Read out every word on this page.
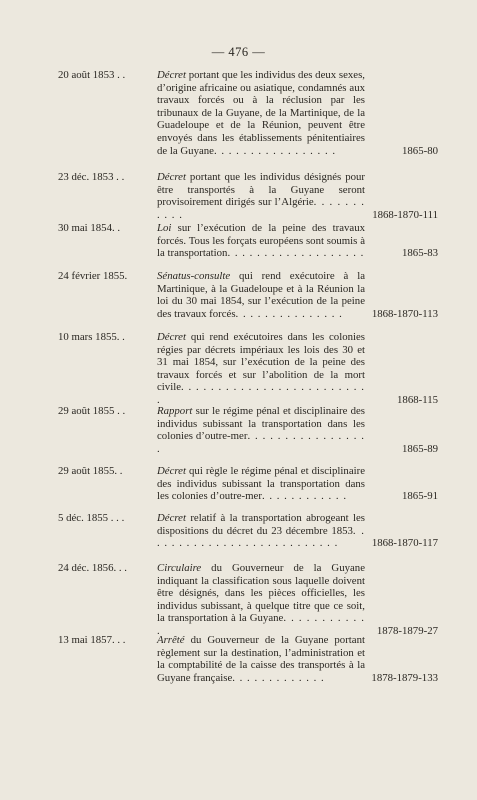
— 476 —
20 août 1853 . .	Décret portant que les individus des deux sexes, d’origine africaine ou asiatique, condamnés aux travaux forcés ou à la réclusion par les tribunaux de la Guyane, de la Martinique, de la Guadeloupe et de la Réunion, peuvent être envoyés dans les établissements pénitentiaires de la Guyane. . . . . . . . . . . . . . . . .	1865-80
23 déc. 1853 . .	Décret portant que les individus désignés pour être transportés à la Guyane seront provisoirement dirigés sur l’Algérie. . . . . . . . . . .	1868-1870-111
30 mai 1854. .	Loi sur l’exécution de la peine des travaux forcés. Tous les forçats européens sont soumis à la transportation. . . . . . . . . . . . . . . . . . .	1865-83
24 février 1855.	Sénatus-consulte qui rend exécutoire à la Martinique, à la Guadeloupe et à la Réunion la loi du 30 mai 1854, sur l’exécution de la peine des travaux forcés. . . . . . . . . . . . . . .	1868-1870-113
10 mars 1855. .	Décret qui rend exécutoires dans les colonies régies par décrets impériaux les lois des 30 et 31 mai 1854, sur l’exécution de la peine des travaux forcés et sur l’abolition de la mort civile. . . . . . . . . . . . . . . . . . . . . . . . . .	1868-115
29 août 1855 . .	Rapport sur le régime pénal et disciplinaire des individus subissant la transportation dans les colonies d’outre-mer. . . . . . . . . . . . . . . . .	1865-89
29 août 1855. .	Décret qui règle le régime pénal et disciplinaire des individus subissant la transportation dans les colonies d’outre-mer. . . . . . . . . . . .	1865-91
5 déc. 1855 . . .	Décret relatif à la transportation abrogeant les dispositions du décret du 23 décembre 1853. . . . . . . . . . . . . . . . . . . . . . . . . . .	1868-1870-117
24 déc. 1856. . .	Circulaire du Gouverneur de la Guyane indiquant la classification sous laquelle doivent être désignés, dans les pièces officielles, les individus subissant, à quelque titre que ce soit, la transportation à la Guyane. . . . . . . . . . . .	1878-1879-27
13 mai 1857. . .	Arrêté du Gouverneur de la Guyane portant règlement sur la destination, l’administration et la comptabilité de la caisse des transportés à la Guyane française. . . . . . . . . . . . .	1878-1879-133
